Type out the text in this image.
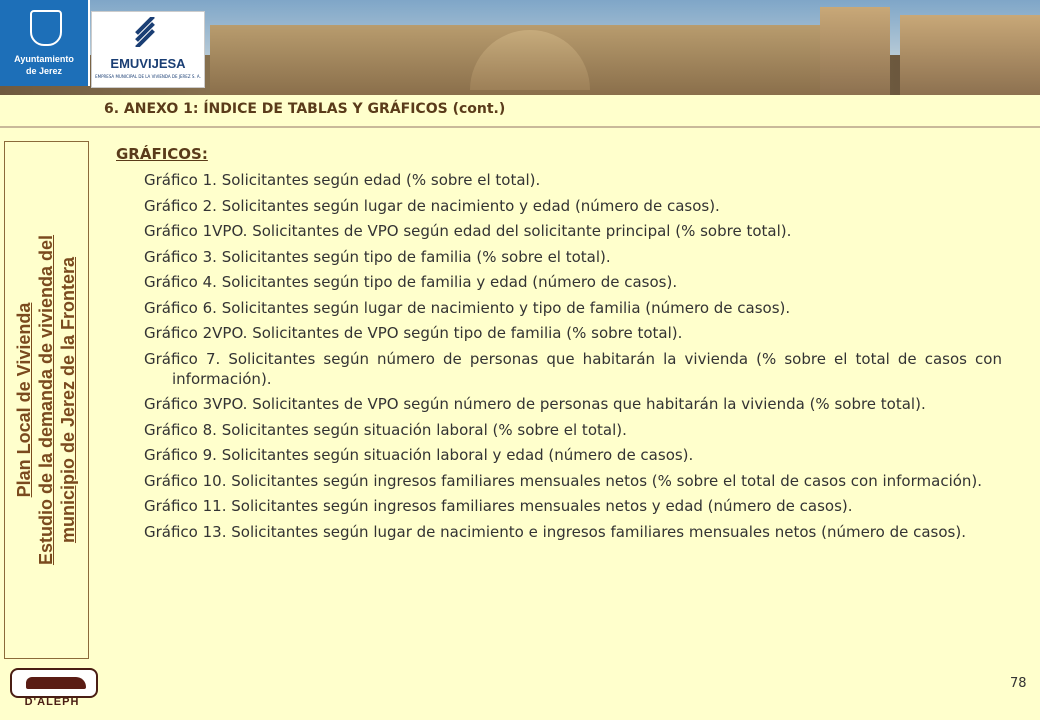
Ayuntamiento
de Jerez	EMUVIJESA
EMPRESA MUNICIPAL DE LA VIVIENDA DE JEREZ S. A.
6. ANEXO 1: ÍNDICE DE TABLAS Y GRÁFICOS (cont.)
Plan Local de Vivienda Estudio de la demanda de vivienda del municipio de Jerez de la Frontera
GRÁFICOS:
Gráfico 1. Solicitantes según edad (% sobre el total).
Gráfico 2. Solicitantes según lugar de nacimiento y edad (número de casos).
Gráfico 1VPO. Solicitantes de VPO según edad del solicitante principal (% sobre total).
Gráfico 3. Solicitantes según tipo de familia (% sobre el total).
Gráfico 4. Solicitantes según tipo de familia y edad (número de casos).
Gráfico 6. Solicitantes según lugar de nacimiento y tipo de familia (número de casos).
Gráfico 2VPO. Solicitantes de VPO según tipo de familia (% sobre total).
Gráfico 7. Solicitantes según número de personas que habitarán la vivienda (% sobre el total de casos con información).
Gráfico 3VPO. Solicitantes de VPO según número de personas que habitarán la vivienda (% sobre total).
Gráfico 8. Solicitantes según situación laboral (% sobre el total).
Gráfico 9. Solicitantes según situación laboral y edad (número de casos).
Gráfico 10. Solicitantes según ingresos familiares mensuales netos (% sobre el total de casos con información).
Gráfico 11. Solicitantes según ingresos familiares mensuales netos y edad (número de casos).
Gráfico 13. Solicitantes según lugar de nacimiento e ingresos familiares mensuales netos (número de casos).
D'ALEPH
78
